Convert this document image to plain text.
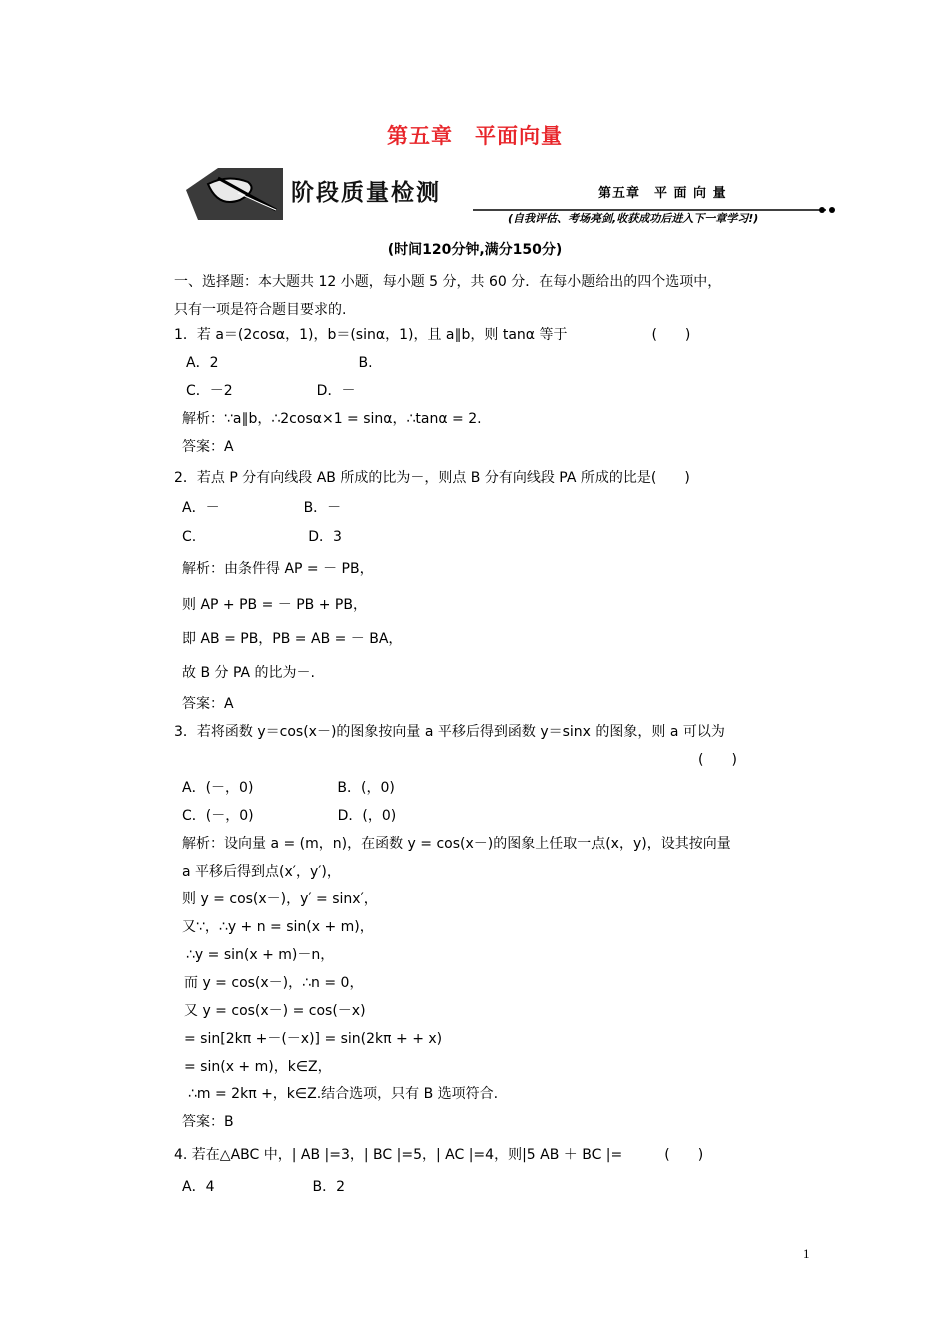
第五章　平面向量
阶段质量检测	第五章　平 面 向 量
(自我评估、考场亮剑,收获成功后进入下一章学习!)
(时间120分钟,满分150分)
一、选择题：本大题共 12 小题，每小题 5 分，共 60 分．在每小题给出的四个选项中，
只有一项是符合题目要求的.
1．若 a＝(2cosα，1)，b＝(sinα，1)，且 a∥b，则 tanα 等于　　　　　　(　　)
A．2　　　　　　　　　　B.
C．－2　　　　　　D．－
解析：∵a∥b，∴2cosα×1 = sinα，∴tanα = 2.
答案：A
2．若点 P 分有向线段 AB 所成的比为－，则点 B 分有向线段 PA 所成的比是(　　)
A．－　　　　　　B．－
C.　　　　　　　　D．3
解析：由条件得 AP = － PB，
则 AP + PB = － PB + PB，
即 AB = PB，PB = AB = － BA，
故 B 分 PA 的比为－.
答案：A
3．若将函数 y＝cos(x－)的图象按向量 a 平移后得到函数 y＝sinx 的图象，则 a 可以为
(　　)
A．(－，0)　　　　　　B．(，0)
C．(－，0)　　　　　　D．(，0)
解析：设向量 a = (m，n)，在函数 y = cos(x－)的图象上任取一点(x，y)，设其按向量
a 平移后得到点(x′，y′)，
则 y = cos(x－)，y′ = sinx′，
又∵，∴y + n = sin(x + m)，
∴y = sin(x + m)－n，
而 y = cos(x－)，∴n = 0，
又 y = cos(x－) = cos(－x)
= sin[2kπ +－(－x)] = sin(2kπ + + x)
= sin(x + m)，k∈Z，
∴m = 2kπ +，k∈Z.结合选项，只有 B 选项符合.
答案：B
4. 若在△ABC 中，| AB |=3，| BC |=5，| AC |=4，则|5 AB ＋ BC |=　　　(　　)
A．4　　　　　　　B．2
1
